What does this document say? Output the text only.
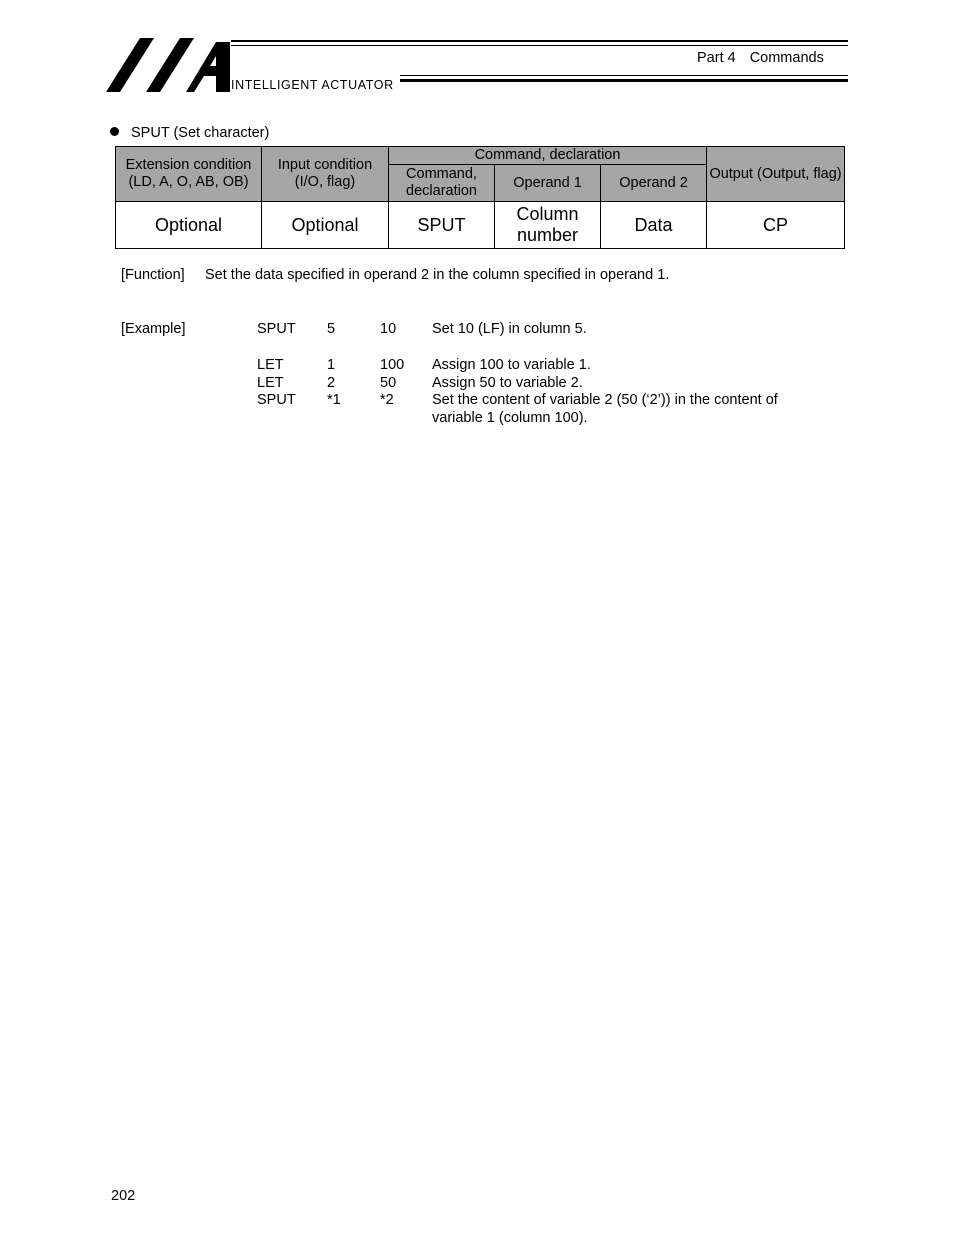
INTELLIGENT ACTUATOR
Part 4 Commands
SPUT (Set character)
Extension condition (LD, A, O, AB, OB)	Input condition (I/O, flag)	Command, declaration			Output (Output, flag)
		Command, declaration	Operand 1	Operand 2	
Optional	Optional	SPUT	Column number	Data	CP
[Function] Set the data specified in operand 2 in the column specified in operand 1.
[Example]	SPUT 5	10 Set 10 (LF) in column 5.
LET	1	100 Assign 100 to variable 1.
LET	2	50 Assign 50 to variable 2.
SPUT *1	*2	Set the content of variable 2 (50 (‘2’)) in the content of
variable 1 (column 100).
202
